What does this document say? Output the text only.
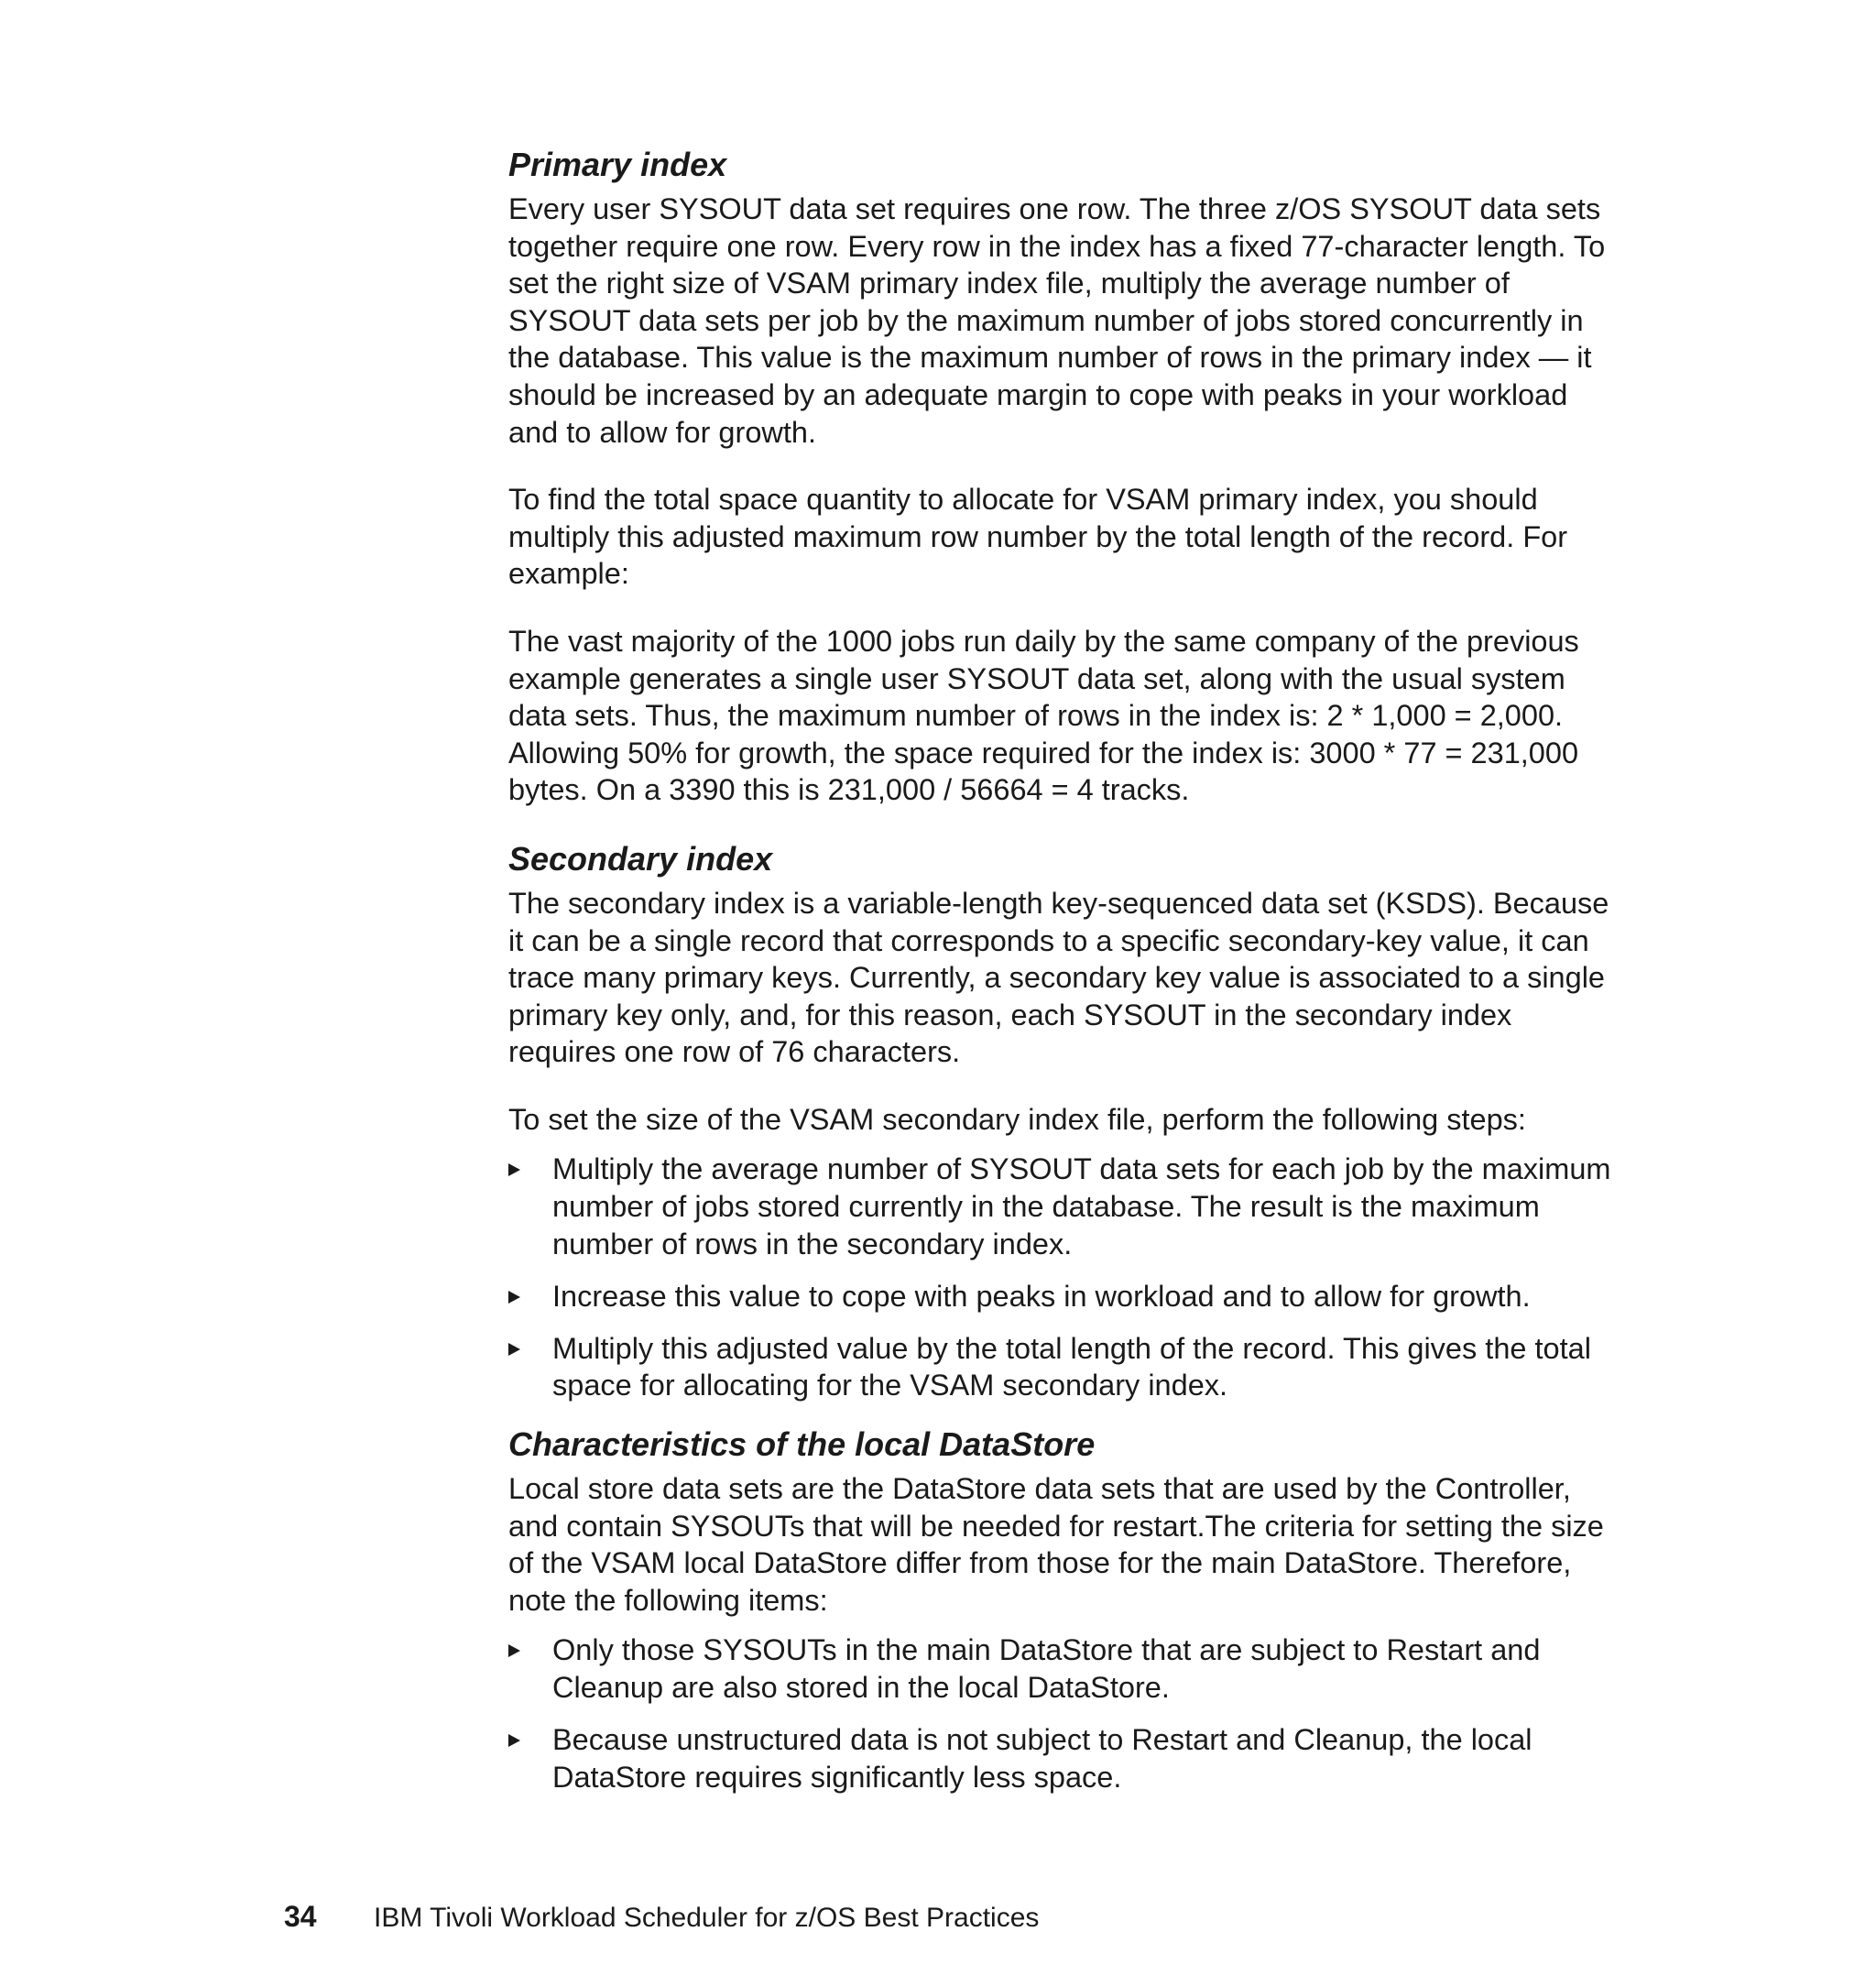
Primary index

Every user SYSOUT data set requires one row. The three z/OS SYSOUT data sets together require one row. Every row in the index has a fixed 77-character length. To set the right size of VSAM primary index file, multiply the average number of SYSOUT data sets per job by the maximum number of jobs stored concurrently in the database. This value is the maximum number of rows in the primary index — it should be increased by an adequate margin to cope with peaks in your workload and to allow for growth.

To find the total space quantity to allocate for VSAM primary index, you should multiply this adjusted maximum row number by the total length of the record. For example:

The vast majority of the 1000 jobs run daily by the same company of the previous example generates a single user SYSOUT data set, along with the usual system data sets. Thus, the maximum number of rows in the index is: 2 * 1,000 = 2,000. Allowing 50% for growth, the space required for the index is: 3000 * 77 = 231,000 bytes. On a 3390 this is 231,000 / 56664 = 4 tracks.

Secondary index

The secondary index is a variable-length key-sequenced data set (KSDS). Because it can be a single record that corresponds to a specific secondary-key value, it can trace many primary keys. Currently, a secondary key value is associated to a single primary key only, and, for this reason, each SYSOUT in the secondary index requires one row of 76 characters.

To set the size of the VSAM secondary index file, perform the following steps:

Multiply the average number of SYSOUT data sets for each job by the maximum number of jobs stored currently in the database. The result is the maximum number of rows in the secondary index.
Increase this value to cope with peaks in workload and to allow for growth.
Multiply this adjusted value by the total length of the record. This gives the total space for allocating for the VSAM secondary index.
Characteristics of the local DataStore

Local store data sets are the DataStore data sets that are used by the Controller, and contain SYSOUTs that will be needed for restart.The criteria for setting the size of the VSAM local DataStore differ from those for the main DataStore. Therefore, note the following items:

Only those SYSOUTs in the main DataStore that are subject to Restart and Cleanup are also stored in the local DataStore.
Because unstructured data is not subject to Restart and Cleanup, the local DataStore requires significantly less space.
34 IBM Tivoli Workload Scheduler for z/OS Best Practices
